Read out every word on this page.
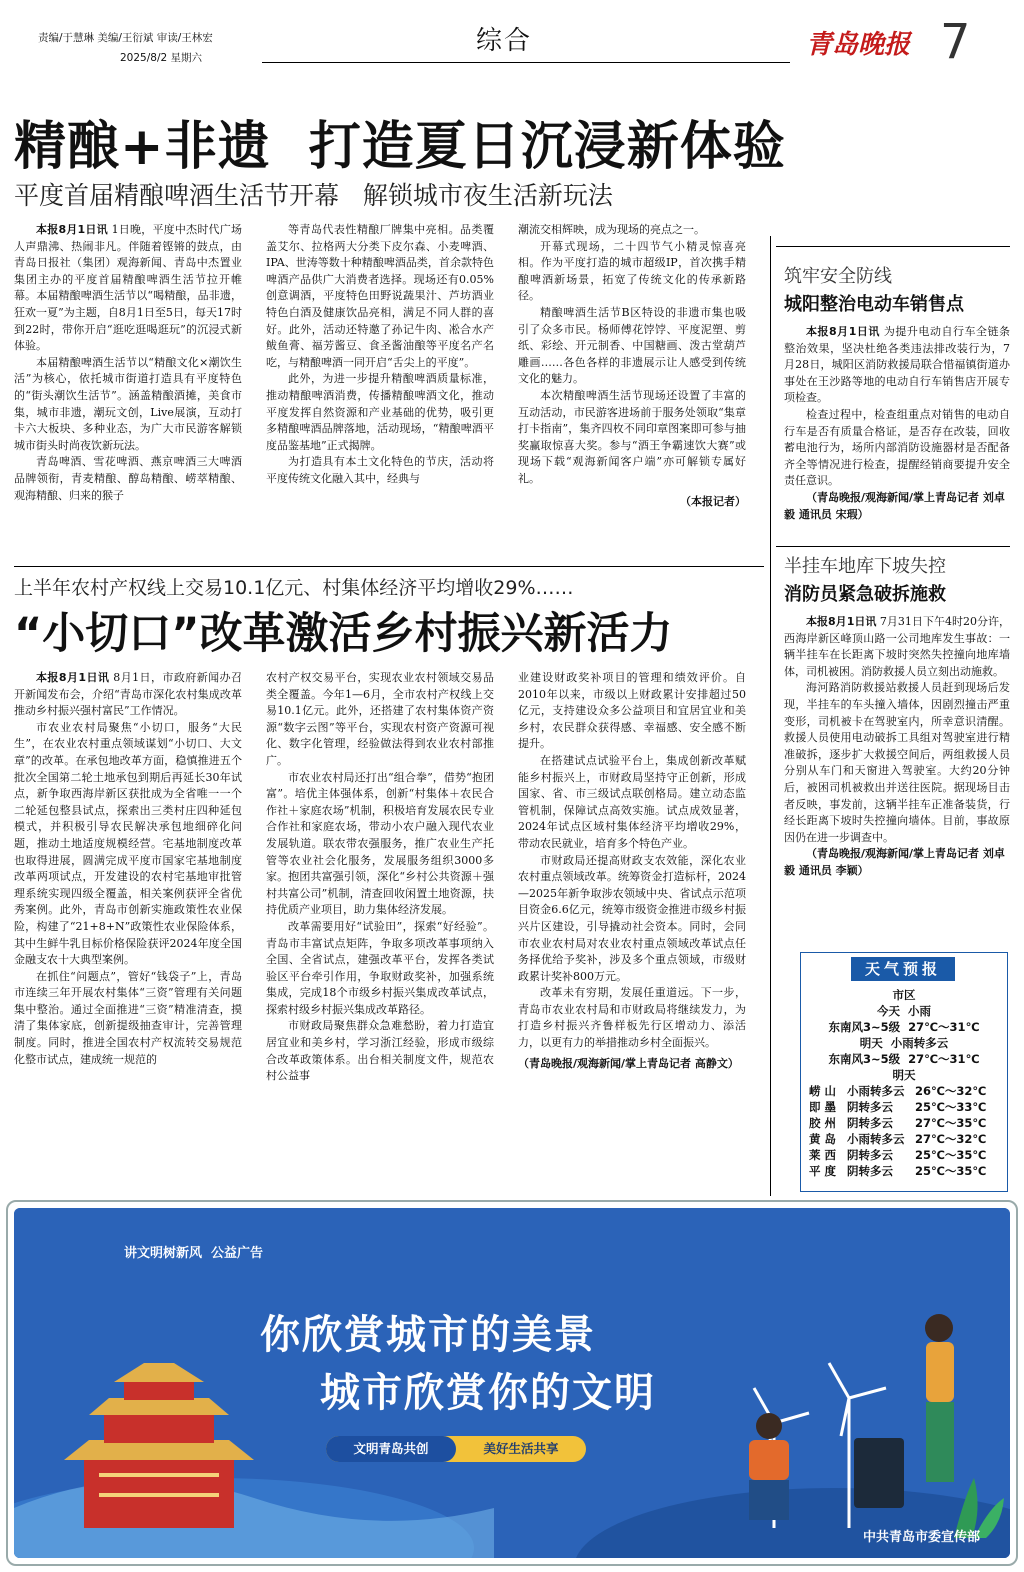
责编/于慧琳 美编/王衍斌 审读/王林宏
2025/8/2 星期六
综合	青岛晚报 7
精酿+非遗  打造夏日沉浸新体验
平度首届精酿啤酒生活节开幕   解锁城市夜生活新玩法

本报8月1日讯 1日晚，平度中杰时代广场人声鼎沸、热闹非凡。伴随着铿锵的鼓点，由青岛日报社（集团）观海新闻、青岛中杰置业集团主办的平度首届精酿啤酒生活节拉开帷幕。本届精酿啤酒生活节以“喝精酿，品非遗，狂欢一夏”为主题，自8月1日至5日，每天17时到22时，带你开启“逛吃逛喝逛玩”的沉浸式新体验。

本届精酿啤酒生活节以“精酿文化×潮饮生活”为核心，依托城市街道打造具有平度特色的“街头潮饮生活节”。涵盖精酿酒摊，美食市集，城市非遗，潮玩文创，Live展演，互动打卡六大板块、多种业态，为广大市民游客解锁城市街头时尚夜饮新玩法。

青岛啤酒、雪花啤酒、燕京啤酒三大啤酒品牌领衔，青麦精酿、醇岛精酿、崂萃精酿、观海精酿、归来的猴子

等青岛代表性精酿厂牌集中亮相。品类覆盖艾尔、拉格两大分类下皮尔森、小麦啤酒、IPA、世涛等数十种精酿啤酒品类，首余款特色啤酒产品供广大消费者选择。现场还有0.05%创意调酒，平度特色田野说蔬果汁、芦坊酒业特色白酒及健康饮品亮相，满足不同人群的喜好。此外，活动还特邀了孙记牛肉、凇合水产鲅鱼膏、福芳酱豆、食圣酱油酿等平度名产名吃，与精酿啤酒一同开启“舌尖上的平度”。

此外，为进一步提升精酿啤酒质量标准，推动精酿啤酒消费，传播精酿啤酒文化，推动平度发挥自然资源和产业基础的优势，吸引更多精酿啤酒品牌落地，活动现场，“精酿啤酒平度品鉴基地”正式揭牌。

为打造具有本土文化特色的节庆，活动将平度传统文化融入其中，经典与

潮流交相辉映，成为现场的亮点之一。

开幕式现场，二十四节气小精灵惊喜亮相。作为平度打造的城市超级IP，首次携手精酿啤酒新场景，拓宽了传统文化的传承新路径。

精酿啤酒生活节B区特设的非遗市集也吸引了众多市民。杨师傅花饽饽、平度泥塑、剪纸、彩绘、开元制香、中国糖画、泼古堂葫芦雕画……各色各样的非遗展示让人感受到传统文化的魅力。

本次精酿啤酒生活节现场还设置了丰富的互动活动，市民游客进场前于服务处领取“集章打卡指南”，集齐四枚不同印章图案即可参与抽奖赢取惊喜大奖。参与“酒王争霸速饮大赛”或现场下载“观海新闻客户端”亦可解锁专属好礼。

（本报记者）
上半年农村产权线上交易10.1亿元、村集体经济平均增收29%……
“小切口”改革激活乡村振兴新活力

本报8月1日讯 8月1日，市政府新闻办召开新闻发布会，介绍“青岛市深化农村集成改革 推动乡村振兴强村富民”工作情况。

市农业农村局聚焦“小切口，服务“大民生”，在农业农村重点领域谋划“小切口、大文章”的改革。在承包地改革方面，稳慎推进五个批次全国第二轮土地承包到期后再延长30年试点，新争取西海岸新区获批成为全省唯一一个二轮延包整县试点，探索出三类村庄四种延包模式，并积极引导农民解决承包地细碎化问题，推动土地适度规模经营。宅基地制度改革也取得进展，圆满完成平度市国家宅基地制度改革两项试点，开发建设的农村宅基地审批管理系统实现四级全覆盖，相关案例获评全省优秀案例。此外，青岛市创新实施政策性农业保险，构建了“21+8+N”政策性农业保险体系，其中生鲜牛乳目标价格保险获评2024年度全国金融支农十大典型案例。

在抓住“问题点”，管好“钱袋子”上，青岛市连续三年开展农村集体“三资”管理有关问题集中整治。通过全面推进“三资”精准清查，摸清了集体家底，创新提级抽查审计，完善管理制度。同时，推进全国农村产权流转交易规范化整市试点，建成统一规范的

农村产权交易平台，实现农业农村领域交易品类全覆盖。今年1—6月，全市农村产权线上交易10.1亿元。此外，还搭建了农村集体资产资源“数字云图”等平台，实现农村资产资源可视化、数字化管理，经验做法得到农业农村部推广。

市农业农村局还打出“组合拳”，借势“抱团富”。培优主体强体系，创新“村集体＋农民合作社＋家庭农场”机制，积极培育发展农民专业合作社和家庭农场，带动小农户融入现代农业发展轨道。联农带农强服务，推广农业生产托管等农业社会化服务，发展服务组织3000多家。抱团共富强引领，深化“乡村公共资源＋强村共富公司”机制，清查回收闲置土地资源，扶持优质产业项目，助力集体经济发展。

改革需要用好“试验田”，探索“好经验”。青岛市丰富试点矩阵，争取多项改革事项纳入全国、全省试点，建强改革平台，发挥各类试验区平台牵引作用，争取财政奖补，加强系统集成，完成18个市级乡村振兴集成改革试点，探索村级乡村振兴集成改革路径。

市财政局聚焦群众急难愁盼，着力打造宜居宜业和美乡村，学习浙江经验，形成市级综合改革政策体系。出台相关制度文件，规范农村公益事

业建设财政奖补项目的管理和绩效评价。自2010年以来，市级以上财政累计安排超过50亿元，支持建设众多公益项目和宜居宜业和美乡村，农民群众获得感、幸福感、安全感不断提升。

在搭建试点试验平台上，集成创新改革赋能乡村振兴上，市财政局坚持守正创新，形成国家、省、市三级试点联创格局。建立动态监管机制，保障试点高效实施。试点成效显著，2024年试点区域村集体经济平均增收29%，带动农民就业，培育多个特色产业。

市财政局还提高财政支农效能，深化农业农村重点领域改革。统筹资金打造标杆，2024—2025年新争取涉农领域中央、省试点示范项目资金6.6亿元，统筹市级资金推进市级乡村振兴片区建设，引导撬动社会资本。同时，会同市农业农村局对农业农村重点领域改革试点任务择优给予奖补，涉及多个重点领域，市级财政累计奖补800万元。

改革未有穷期，发展任重道远。下一步，青岛市农业农村局和市财政局将继续发力，为打造乡村振兴齐鲁样板先行区增动力、添活力，以更有力的举措推动乡村全面振兴。

（青岛晚报/观海新闻/掌上青岛记者 高静文）
筑牢安全防线
城阳整治电动车销售点

本报8月1日讯 为提升电动自行车全链条整治效果，坚决杜绝各类违法排改装行为，7月28日，城阳区消防救援局联合惜福镇街道办事处在王沙路等地的电动自行车销售店开展专项检查。

检查过程中，检查组重点对销售的电动自行车是否有质量合格证，是否存在改装，回收蓄电池行为，场所内部消防设施器材是否配备齐全等情况进行检查，提醒经销商要提升安全责任意识。

（青岛晚报/观海新闻/掌上青岛记者 刘卓毅 通讯员 宋瑕）
半挂车地库下坡失控
消防员紧急破拆施救

本报8月1日讯 7月31日下午4时20分许，西海岸新区峰顶山路一公司地库发生事故：一辆半挂车在长距离下坡时突然失控撞向地库墙体，司机被困。消防救援人员立刻出动施救。

海河路消防救援站救援人员赶到现场后发现，半挂车的车头撞入墙体，因剧烈撞击严重变形，司机被卡在驾驶室内，所幸意识清醒。救援人员使用电动破拆工具组对驾驶室进行精准破拆，逐步扩大救援空间后，两组救援人员分别从车门和天窗进入驾驶室。大约20分钟后，被困司机被救出并送往医院。据现场目击者反映，事发前，这辆半挂车正准备装货，行经长距离下坡时失控撞向墙体。目前，事故原因仍在进一步调查中。

（青岛晚报/观海新闻/掌上青岛记者 刘卓毅 通讯员 李颖）
天气预报
市区
今天  小雨
东南风3~5级  27℃～31℃
明天  小雨转多云
东南风3~5级  27℃～31℃
明天
崂山 小雨转多云 26℃～32℃
即墨 阴转多云	25℃～33℃
胶州 阴转多云	27℃～35℃
黄岛 小雨转多云 27℃～32℃
莱西 阴转多云	25℃～35℃
平度 阴转多云	25℃～35℃
讲文明树新风  公益广告
你欣赏城市的美景
城市欣赏你的文明
文明青岛共创	美好生活共享
中共青岛市委宣传部
